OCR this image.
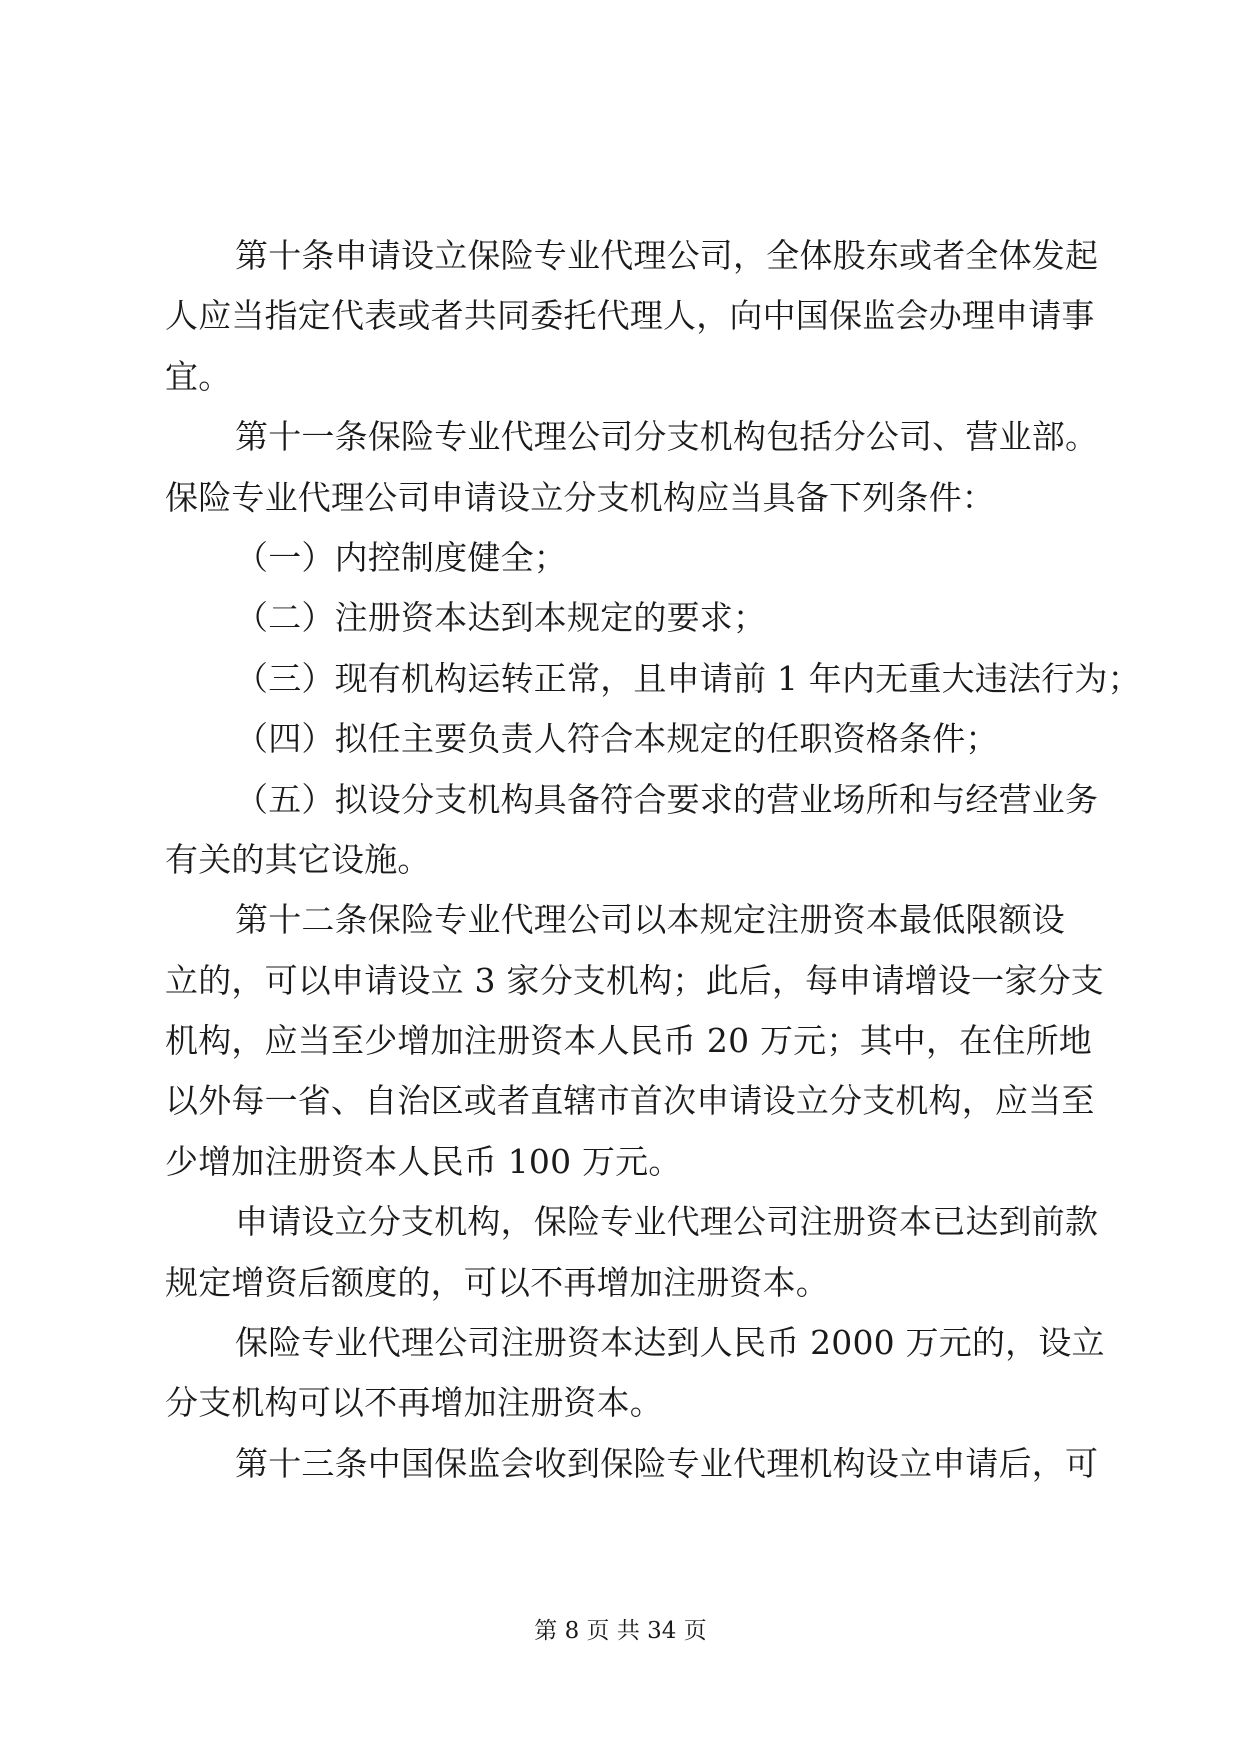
第十条申请设立保险专业代理公司，全体股东或者全体发起
人应当指定代表或者共同委托代理人，向中国保监会办理申请事
宜。
第十一条保险专业代理公司分支机构包括分公司、营业部。
保险专业代理公司申请设立分支机构应当具备下列条件：
（一）内控制度健全；
（二）注册资本达到本规定的要求；
（三）现有机构运转正常，且申请前 1 年内无重大违法行为；
（四）拟任主要负责人符合本规定的任职资格条件；
（五）拟设分支机构具备符合要求的营业场所和与经营业务
有关的其它设施。
第十二条保险专业代理公司以本规定注册资本最低限额设
立的，可以申请设立 3 家分支机构；此后，每申请增设一家分支
机构，应当至少增加注册资本人民币 20 万元；其中，在住所地
以外每一省、自治区或者直辖市首次申请设立分支机构，应当至
少增加注册资本人民币 100 万元。
申请设立分支机构，保险专业代理公司注册资本已达到前款
规定增资后额度的，可以不再增加注册资本。
保险专业代理公司注册资本达到人民币 2000 万元的，设立
分支机构可以不再增加注册资本。
第十三条中国保监会收到保险专业代理机构设立申请后，可
第 8 页 共 34 页
